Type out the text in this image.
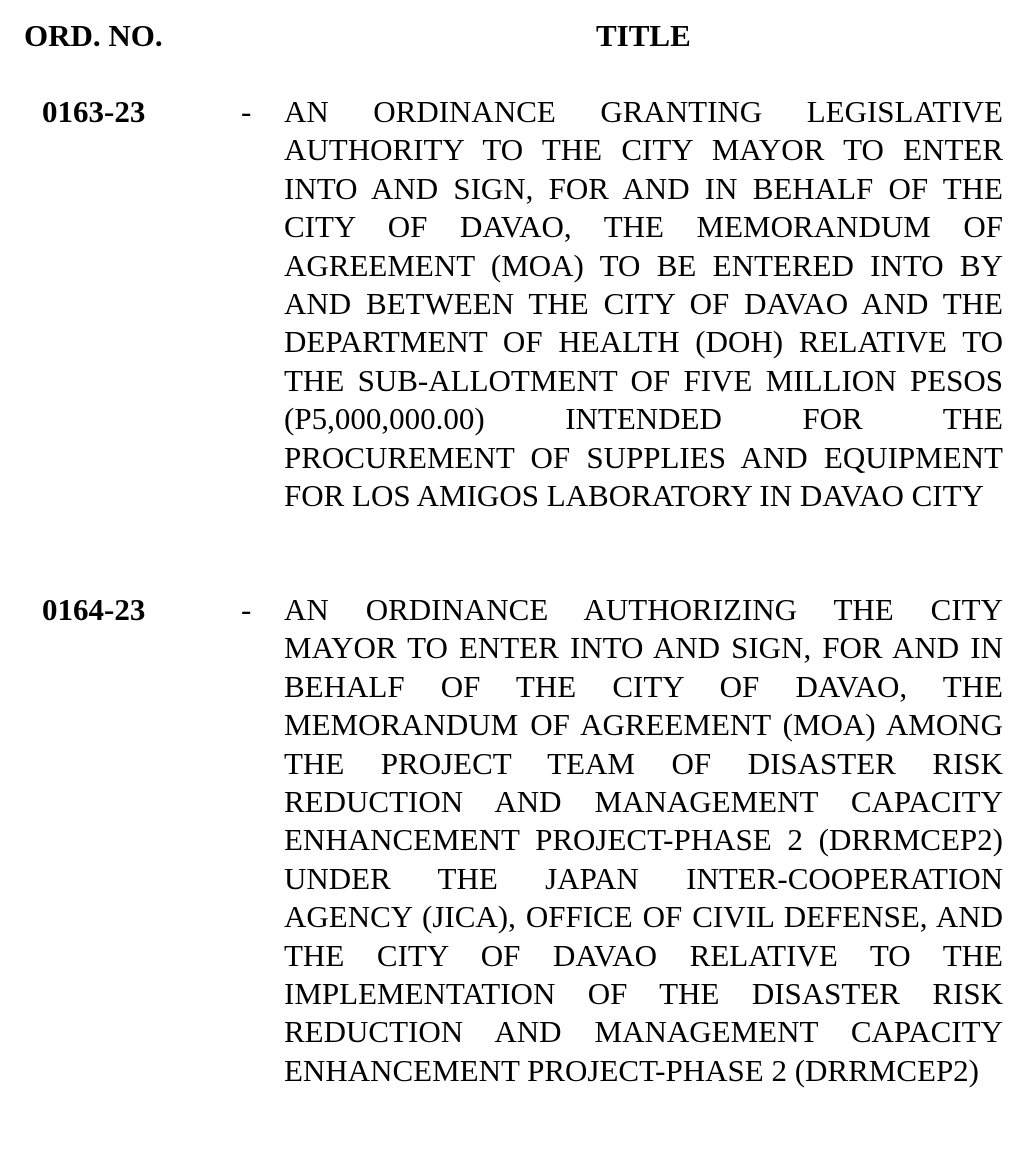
ORD. NO.	TITLE
0163-23	- AN ORDINANCE GRANTING LEGISLATIVE AUTHORITY TO THE CITY MAYOR TO ENTER INTO AND SIGN, FOR AND IN BEHALF OF THE CITY OF DAVAO, THE MEMORANDUM OF AGREEMENT (MOA) TO BE ENTERED INTO BY AND BETWEEN THE CITY OF DAVAO AND THE DEPARTMENT OF HEALTH (DOH) RELATIVE TO THE SUB-ALLOTMENT OF FIVE MILLION PESOS (P5,000,000.00) INTENDED FOR THE PROCUREMENT OF SUPPLIES AND EQUIPMENT FOR LOS AMIGOS LABORATORY IN DAVAO CITY
0164-23	- AN ORDINANCE AUTHORIZING THE CITY MAYOR TO ENTER INTO AND SIGN, FOR AND IN BEHALF OF THE CITY OF DAVAO, THE MEMORANDUM OF AGREEMENT (MOA) AMONG THE PROJECT TEAM OF DISASTER RISK REDUCTION AND MANAGEMENT CAPACITY ENHANCEMENT PROJECT-PHASE 2 (DRRMCEP2) UNDER THE JAPAN INTER-COOPERATION AGENCY (JICA), OFFICE OF CIVIL DEFENSE, AND THE CITY OF DAVAO RELATIVE TO THE IMPLEMENTATION OF THE DISASTER RISK REDUCTION AND MANAGEMENT CAPACITY ENHANCEMENT PROJECT-PHASE 2 (DRRMCEP2)
